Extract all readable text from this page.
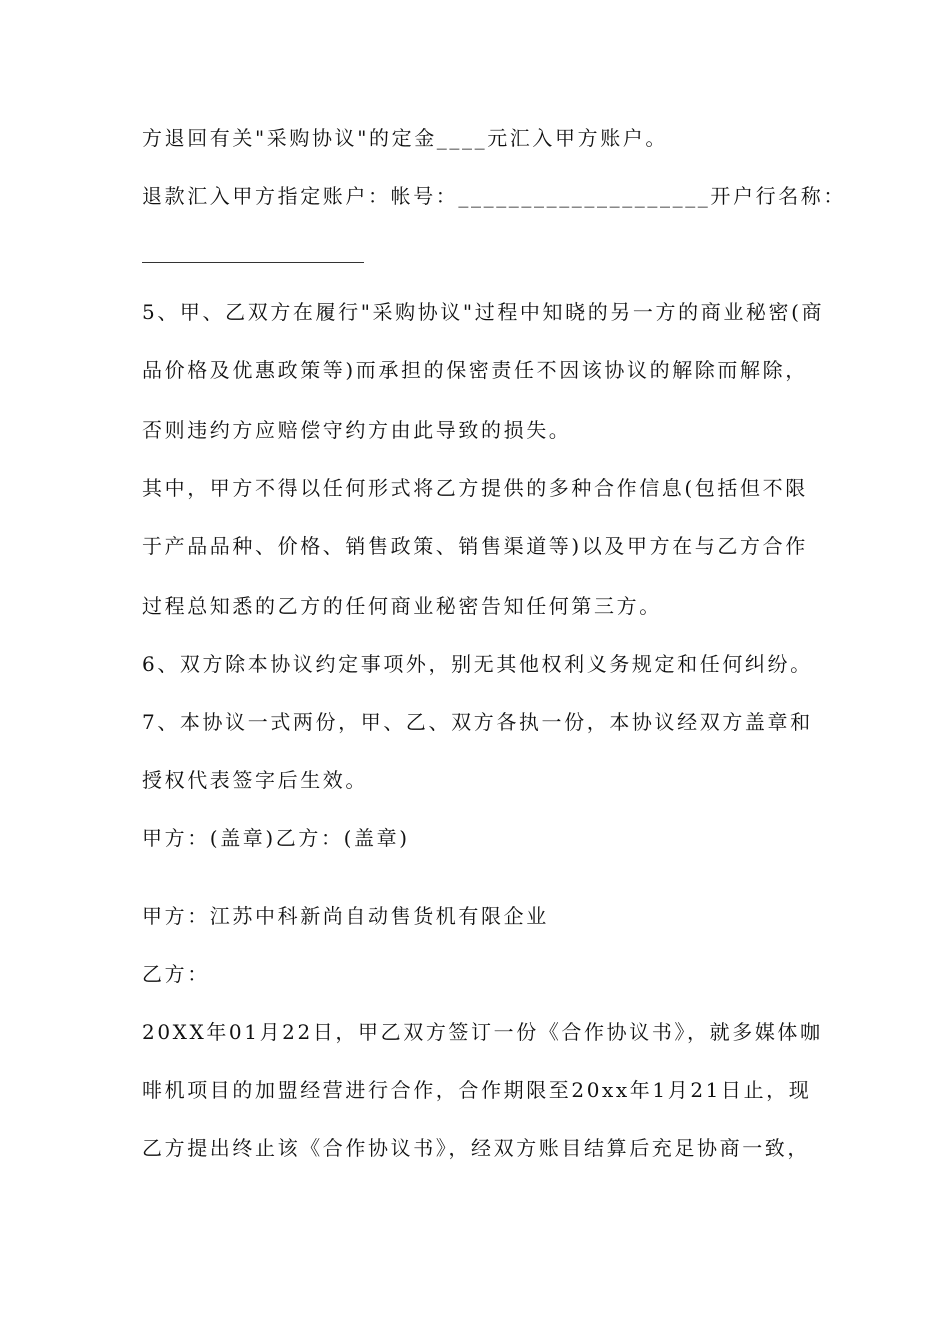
方退回有关"采购协议"的定金____元汇入甲方账户。
退款汇入甲方指定账户：帐号：____________________开户行名称：
5、甲、乙双方在履行"采购协议"过程中知晓的另一方的商业秘密(商
品价格及优惠政策等)而承担的保密责任不因该协议的解除而解除，
否则违约方应赔偿守约方由此导致的损失。
其中，甲方不得以任何形式将乙方提供的多种合作信息(包括但不限
于产品品种、价格、销售政策、销售渠道等)以及甲方在与乙方合作
过程总知悉的乙方的任何商业秘密告知任何第三方。
6、双方除本协议约定事项外，别无其他权利义务规定和任何纠纷。
7、本协议一式两份，甲、乙、双方各执一份，本协议经双方盖章和
授权代表签字后生效。
甲方：(盖章)乙方：(盖章)
甲方：江苏中科新尚自动售货机有限企业
乙方：
20XX年01月22日，甲乙双方签订一份《合作协议书》，就多媒体咖
啡机项目的加盟经营进行合作，合作期限至20xx年1月21日止，现
乙方提出终止该《合作协议书》，经双方账目结算后充足协商一致，
